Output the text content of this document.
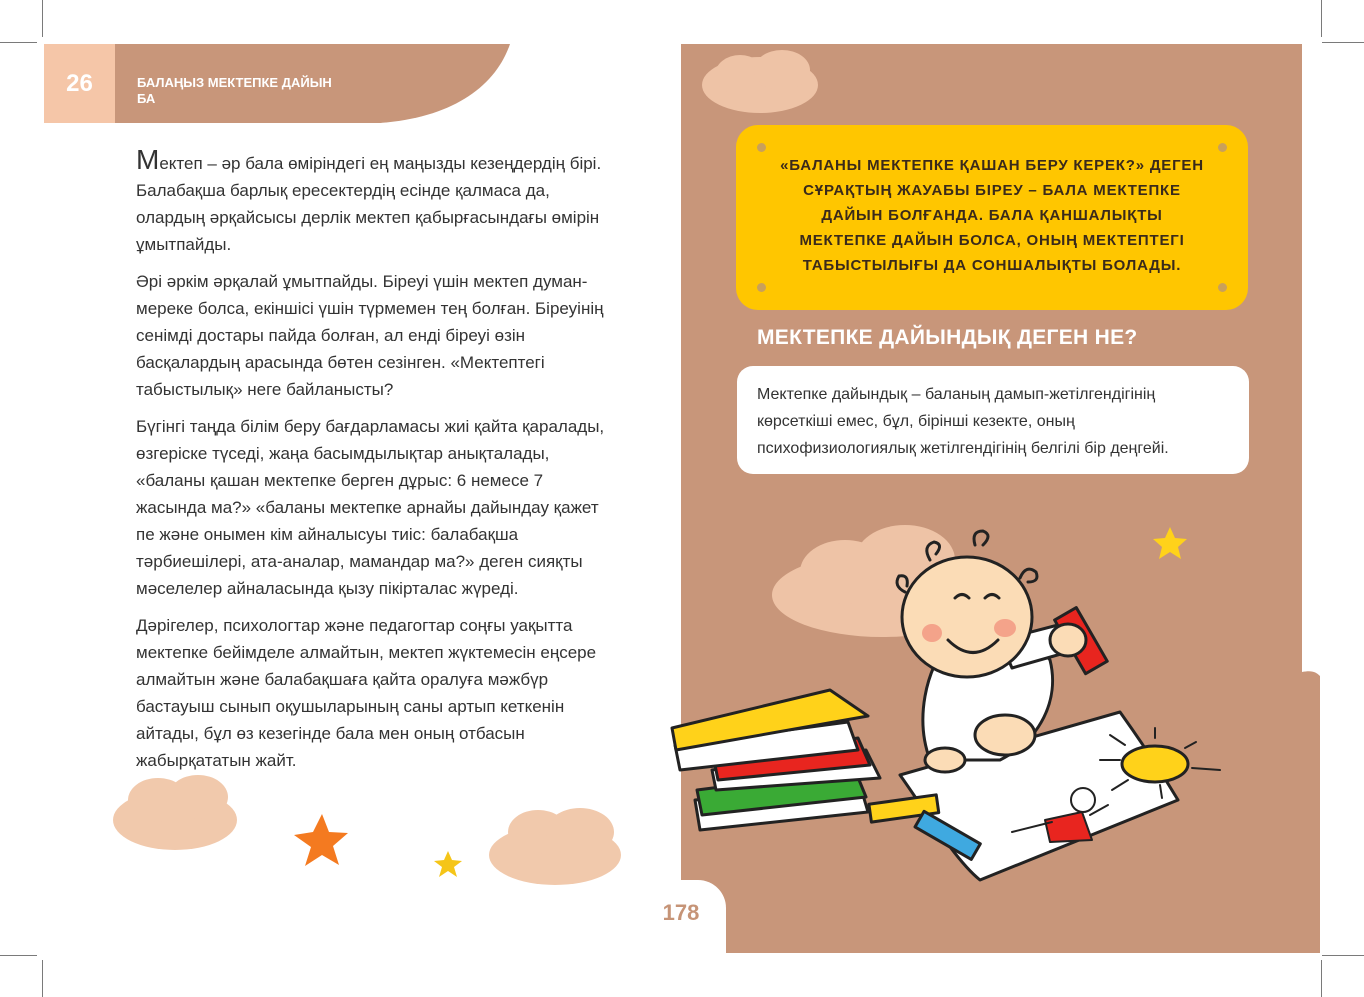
26	БАЛАҢЫЗ МЕКТЕПКЕ ДАЙЫН БА

Мектеп – әр бала өміріндегі ең маңызды кезеңдердің бірі. Балабақша барлық ересектердің есінде қалмаса да, олардың әрқайсысы дерлік мектеп қабырғасындағы өмірін ұмытпайды.

Әрі әркім әрқалай ұмытпайды. Біреуі үшін мектеп думан-мереке болса, екіншісі үшін түрмемен тең болған. Біреуінің сенімді достары пайда болған, ал енді біреуі өзін басқалардың арасында бөтен сезінген. «Мектептегі табыстылық» неге байланысты?

Бүгінгі таңда білім беру бағдарламасы жиі қайта қаралады, өзгеріске түседі, жаңа басымдылықтар анықталады, «баланы қашан мектепке берген дұрыс: 6 немесе 7 жасында ма?» «баланы мектепке арнайы дайындау қажет пе және онымен кім айналысуы тиіс: балабақша тәрбиешілері, ата-аналар, мамандар ма?» деген сияқты мәселелер айналасында қызу пікірталас жүреді.

Дәрігелер, психологтар және педагогтар соңғы уақытта мектепке бейімделе алмайтын, мектеп жүктемесін еңсере алмайтын және балабақшаға қайта оралуға мәжбүр бастауыш сынып оқушыларының саны артып кеткенін айтады, бұл өз кезегінде бала мен оның отбасын жабырқататын жайт.

«БАЛАНЫ МЕКТЕПКЕ ҚАШАН БЕРУ КЕРЕК?» ДЕГЕН СҰРАҚТЫҢ ЖАУАБЫ БІРЕУ – БАЛА МЕКТЕПКЕ ДАЙЫН БОЛҒАНДА. БАЛА ҚАНШАЛЫҚТЫ МЕКТЕПКЕ ДАЙЫН БОЛСА, ОНЫҢ МЕКТЕПТЕГІ ТАБЫСТЫЛЫҒЫ ДА СОНШАЛЫҚТЫ БОЛАДЫ.
МЕКТЕПКЕ ДАЙЫНДЫҚ ДЕГЕН НЕ?
Мектепке дайындық – баланың дамып-жетілгендігінің көрсеткіші емес, бұл, біріншi кезекте, оның психофизиологиялық жетілгендігінің белгілі бір деңгейі.
178
